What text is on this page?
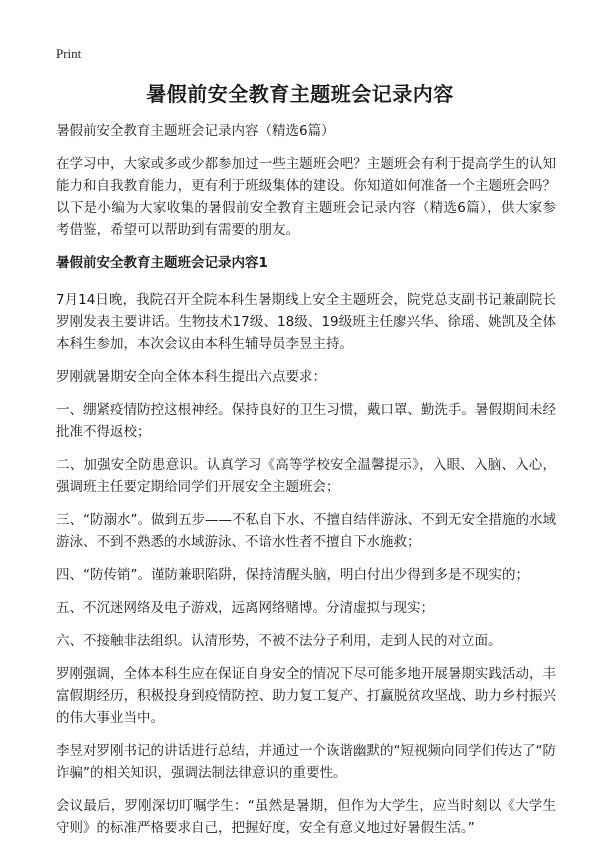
Print
暑假前安全教育主题班会记录内容

暑假前安全教育主题班会记录内容（精选6篇）

在学习中，大家或多或少都参加过一些主题班会吧？主题班会有利于提高学生的认知能力和自我教育能力，更有利于班级集体的建设。你知道如何准备一个主题班会吗？以下是小编为大家收集的暑假前安全教育主题班会记录内容（精选6篇），供大家参考借鉴，希望可以帮助到有需要的朋友。

暑假前安全教育主题班会记录内容1

7月14日晚，我院召开全院本科生暑期线上安全主题班会，院党总支副书记兼副院长罗刚发表主要讲话。生物技术17级、18级、19级班主任廖兴华、徐瑶、姚凯及全体本科生参加，本次会议由本科生辅导员李昱主持。

罗刚就暑期安全向全体本科生提出六点要求：

一、绷紧疫情防控这根神经。保持良好的卫生习惯，戴口罩、勤洗手。暑假期间未经批准不得返校；

二、加强安全防患意识。认真学习《高等学校安全温馨提示》，入眼、入脑、入心，强调班主任要定期给同学们开展安全主题班会；

三、“防溺水”。做到五步——不私自下水、不擅自结伴游泳、不到无安全措施的水域游泳、不到不熟悉的水域游泳、不谙水性者不擅自下水施救；

四、“防传销”。谨防兼职陷阱，保持清醒头脑，明白付出少得到多是不现实的；

五、不沉迷网络及电子游戏，远离网络赌博。分清虚拟与现实；

六、不接触非法组织。认清形势，不被不法分子利用，走到人民的对立面。

罗刚强调，全体本科生应在保证自身安全的情况下尽可能多地开展暑期实践活动，丰富假期经历，积极投身到疫情防控、助力复工复产、打赢脱贫攻坚战、助力乡村振兴的伟大事业当中。

李昱对罗刚书记的讲话进行总结，并通过一个诙谐幽默的“短视频向同学们传达了“防诈骗”的相关知识，强调法制法律意识的重要性。

会议最后，罗刚深切叮嘱学生：“虽然是暑期，但作为大学生，应当时刻以《大学生守则》的标准严格要求自己，把握好度，安全有意义地过好暑假生活。”
